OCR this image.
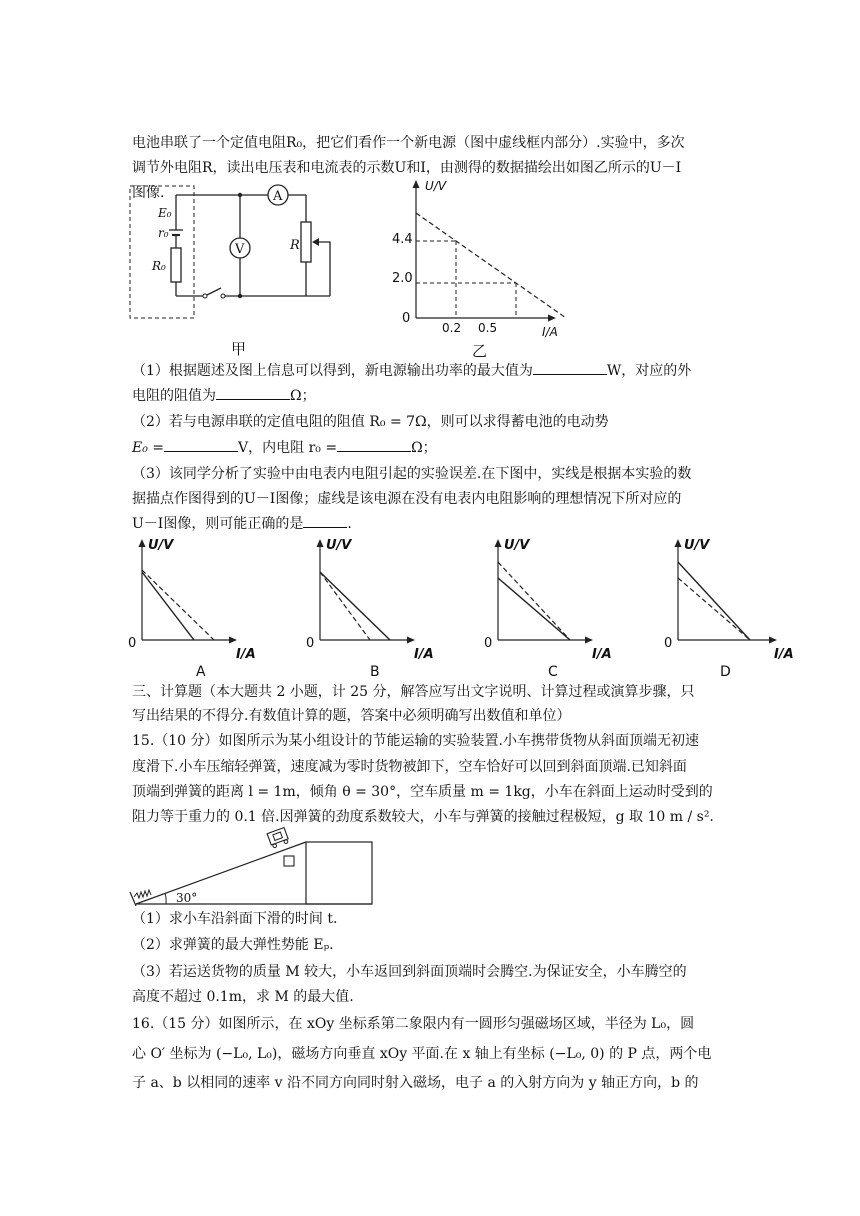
电池串联了一个定值电阻R₀，把它们看作一个新电源（图中虚线框内部分）.实验中，多次
调节外电阻R，读出电压表和电流表的示数U和I，由测得的数据描绘出如图乙所示的U－I
图像.	A
V
E₀
r₀
R₀
R
甲
U/V
I/A
4.4
2.0
0
0.2 0.5
乙
（1）根据题述及图上信息可以得到，新电源输出功率的最大值为	W，对应的外
电阻的阻值为	Ω；
（2）若与电源串联的定值电阻的阻值 R₀ = 7Ω，则可以求得蓄电池的电动势
E₀ =	V，内电阻 r₀ =	Ω；
（3）该同学分析了实验中由电表内电阻引起的实验误差.在下图中，实线是根据本实验的数
据描点作图得到的U－I图像；虚线是该电源在没有电表内电阻影响的理想情况下所对应的
U－I图像，则可能正确的是	.
U/V
0
I/A
A
U/V
0
I/A
B
U/V
0
I/A
C
U/V
0
I/A
D
三、计算题（本大题共 2 小题，计 25 分，解答应写出文字说明、计算过程或演算步骤，只
写出结果的不得分.有数值计算的题，答案中必须明确写出数值和单位）
15.（10 分）如图所示为某小组设计的节能运输的实验装置.小车携带货物从斜面顶端无初速
度滑下.小车压缩轻弹簧，速度减为零时货物被卸下，空车恰好可以回到斜面顶端.已知斜面
顶端到弹簧的距离 l = 1m，倾角 θ = 30°，空车质量 m = 1kg，小车在斜面上运动时受到的
阻力等于重力的 0.1 倍.因弹簧的劲度系数较大，小车与弹簧的接触过程极短，g 取 10 m / s².
30°
（1）求小车沿斜面下滑的时间 t.
（2）求弹簧的最大弹性势能 Eₚ.
（3）若运送货物的质量 M 较大，小车返回到斜面顶端时会腾空.为保证安全，小车腾空的
高度不超过 0.1m，求 M 的最大值.
16.（15 分）如图所示，在 xOy 坐标系第二象限内有一圆形匀强磁场区域，半径为 L₀，圆
心 O′ 坐标为 (−L₀, L₀)，磁场方向垂直 xOy 平面.在 x 轴上有坐标 (−L₀, 0) 的 P 点，两个电
子 a、b 以相同的速率 v 沿不同方向同时射入磁场，电子 a 的入射方向为 y 轴正方向，b 的
